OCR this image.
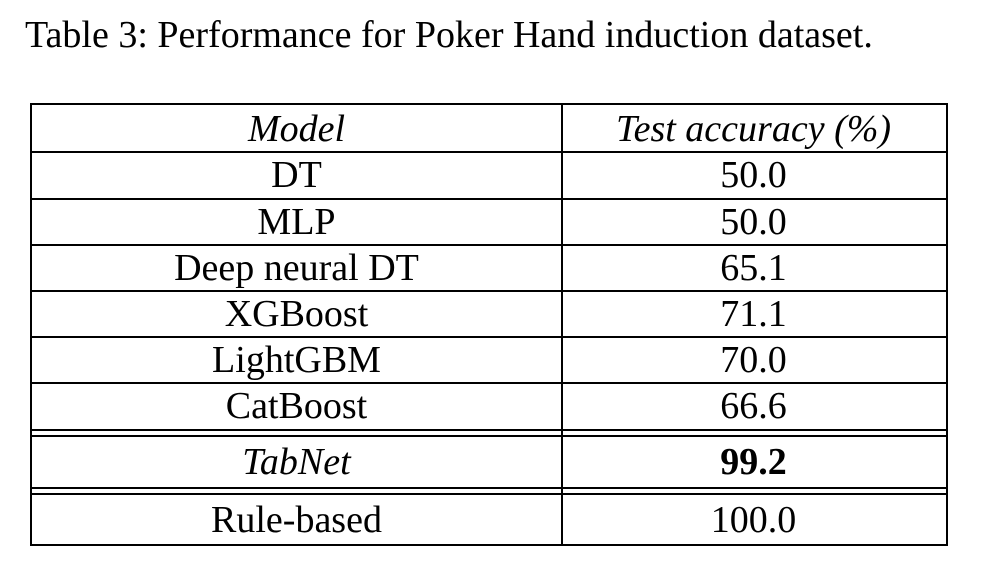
Table 3: Performance for Poker Hand induction dataset.
Model	Test accuracy (%)
DT	50.0
MLP	50.0
Deep neural DT	65.1
XGBoost	71.1
LightGBM	70.0
CatBoost	66.6
TabNet	99.2
Rule-based	100.0
